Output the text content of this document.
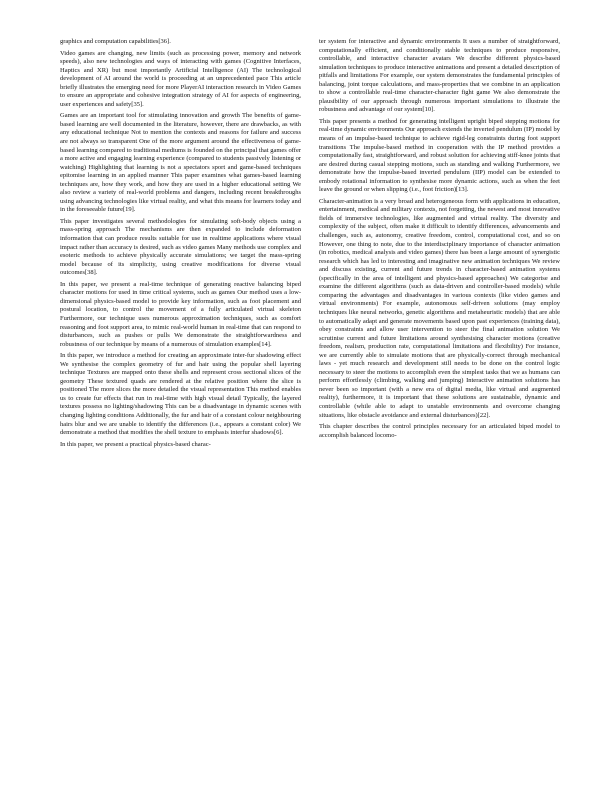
graphics and computation capabilities[36].

Video games are changing, new limits (such as processing power, memory and network speeds), also new technologies and ways of interacting with games (Cognitive Interfaces, Haptics and XR) but most importantly Artificial Intelligence (AI) The technological development of AI around the world is proceeding at an unprecedented pace This article briefly illustrates the emerging need for more PlayerAI interaction research in Video Games to ensure an appropriate and cohesive integration strategy of AI for aspects of engineering, user experiences and safety[35].

Games are an important tool for stimulating innovation and growth The benefits of game-based learning are well documented in the literature, however, there are drawbacks, as with any educational technique Not to mention the contexts and reasons for failure and success are not always so transparent One of the more argument around the effectiveness of game-based learning compared to traditional mediums is founded on the principal that games offer a more active and engaging learning experience (compared to students passively listening or watching) Highlighting that learning is not a spectators sport and game-based techniques epitomise learning in an applied manner This paper examines what games-based learning techniques are, how they work, and how they are used in a higher educational setting We also review a variety of real-world problems and dangers, including recent breakthroughs using advancing technologies like virtual reality, and what this means for learners today and in the foreseeable future[19].

This paper investigates several methodologies for simulating soft-body objects using a mass-spring approach The mechanisms are then expanded to include deformation information that can produce results suitable for use in realtime applications where visual impact rather than accuracy is desired, such as video games Many methods use complex and esoteric methods to achieve physically accurate simulations; we target the mass-spring model because of its simplicity, using creative modifications for diverse visual outcomes[38].

In this paper, we present a real-time technique of generating reactive balancing biped character motions for used in time critical systems, such as games Our method uses a low-dimensional physics-based model to provide key information, such as foot placement and postural location, to control the movement of a fully articulated virtual skeleton Furthermore, our technique uses numerous approximation techniques, such as comfort reasoning and foot support area, to mimic real-world human in real-time that can respond to disturbances, such as pushes or pulls We demonstrate the straightforwardness and robustness of our technique by means of a numerous of simulation examples[14].

In this paper, we introduce a method for creating an approximate inter-fur shadowing effect We synthesise the complex geometry of fur and hair using the popular shell layering technique Textures are mapped onto these shells and represent cross sectional slices of the geometry These textured quads are rendered at the relative position where the slice is positioned The more slices the more detailed the visual representation This method enables us to create fur effects that run in real-time with high visual detail Typically, the layered textures possess no lighting/shadowing This can be a disadvantage in dynamic scenes with changing lighting conditions Additionally, the fur and hair of a constant colour neighbouring hairs blur and we are unable to identify the differences (i.e., appears a constant color) We demonstrate a method that modifies the shell texture to emphasis interfur shadows[6].

In this paper, we present a practical physics-based charac-

ter system for interactive and dynamic environments It uses a number of straightforward, computationally efficient, and conditionally stable techniques to produce responsive, controllable, and interactive character avatars We describe different physics-based simulation techniques to produce interactive animations and present a detailed description of pitfalls and limitations For example, our system demonstrates the fundamental principles of balancing, joint torque calculations, and mass-properties that we combine in an application to show a controllable real-time character-character fight game We also demonstrate the plausibility of our approach through numerous important simulations to illustrate the robustness and advantage of our system[10].

This paper presents a method for generating intelligent upright biped stepping motions for real-time dynamic environments Our approach extends the inverted pendulum (IP) model by means of an impulse-based technique to achieve rigid-leg constraints during foot support transitions The impulse-based method in cooperation with the IP method provides a computationally fast, straightforward, and robust solution for achieving stiff-knee joints that are desired during casual stepping motions, such as standing and walking Furthermore, we demonstrate how the impulse-based inverted pendulum (IIP) model can be extended to embody rotational information to synthesise more dynamic actions, such as when the feet leave the ground or when slipping (i.e., foot friction)[13].

Character-animation is a very broad and heterogeneous form with applications in education, entertainment, medical and military contexts, not forgetting, the newest and most innovative fields of immersive technologies, like augmented and virtual reality. The diversity and complexity of the subject, often make it difficult to identify differences, advancements and challenges, such as, autonomy, creative freedom, control, computational cost, and so on However, one thing to note, due to the interdisciplinary importance of character animation (in robotics, medical analysis and video games) there has been a large amount of synergistic research which has led to interesting and imaginative new animation techniques We review and discuss existing, current and future trends in character-based animation systems (specifically in the area of intelligent and physics-based approaches) We categorise and examine the different algorithms (such as data-driven and controller-based models) while comparing the advantages and disadvantages in various contexts (like video games and virtual environments) For example, autonomous self-driven solutions (may employ techniques like neural networks, genetic algorithms and metaheuristic models) that are able to automatically adapt and generate movements based upon past experiences (training data), obey constraints and allow user intervention to steer the final animation solution We scrutinise current and future limitations around synthesising character motions (creative freedom, realism, production rate, computational limitations and flexibility) For instance, we are currently able to simulate motions that are physically-correct through mechanical laws - yet much research and development still needs to be done on the control logic necessary to steer the motions to accomplish even the simplest tasks that we as humans can perform effortlessly (climbing, walking and jumping) Interactive animation solutions has never been so important (with a new era of digital media, like virtual and augmented reality), furthermore, it is important that these solutions are sustainable, dynamic and controllable (while able to adapt to unstable environments and overcome changing situations, like obstacle avoidance and external disturbances)[22].

This chapter describes the control principles necessary for an articulated biped model to accomplish balanced locomo-
